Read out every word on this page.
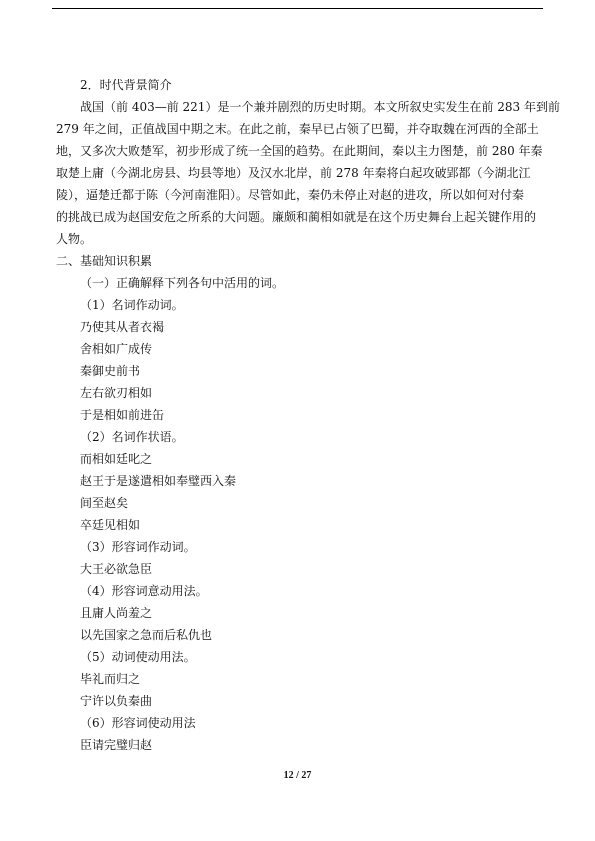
2．时代背景简介
战国（前 403—前 221）是一个兼并剧烈的历史时期。本文所叙史实发生在前 283 年到前
279 年之间，正值战国中期之末。在此之前，秦早已占领了巴蜀，并夺取魏在河西的全部土
地，又多次大败楚军，初步形成了统一全国的趋势。在此期间，秦以主力图楚，前 280 年秦
取楚上庸（今湖北房县、均县等地）及汉水北岸，前 278 年秦将白起攻破郢都（今湖北江
陵），逼楚迁都于陈（今河南淮阳）。尽管如此，秦仍未停止对赵的进攻，所以如何对付秦
的挑战已成为赵国安危之所系的大问题。廉颇和蔺相如就是在这个历史舞台上起关键作用的
人物。
二、基础知识积累
（一）正确解释下列各句中活用的词。
（1）名词作动词。
乃使其从者衣褐
舍相如广成传
秦御史前书
左右欲刃相如
于是相如前进缶
（2）名词作状语。
而相如廷叱之
赵王于是遂遣相如奉璧西入秦
间至赵矣
卒廷见相如
（3）形容词作动词。
大王必欲急臣
（4）形容词意动用法。
且庸人尚羞之
以先国家之急而后私仇也
（5）动词使动用法。
毕礼而归之
宁许以负秦曲
（6）形容词使动用法
臣请完璧归赵
12 / 27
